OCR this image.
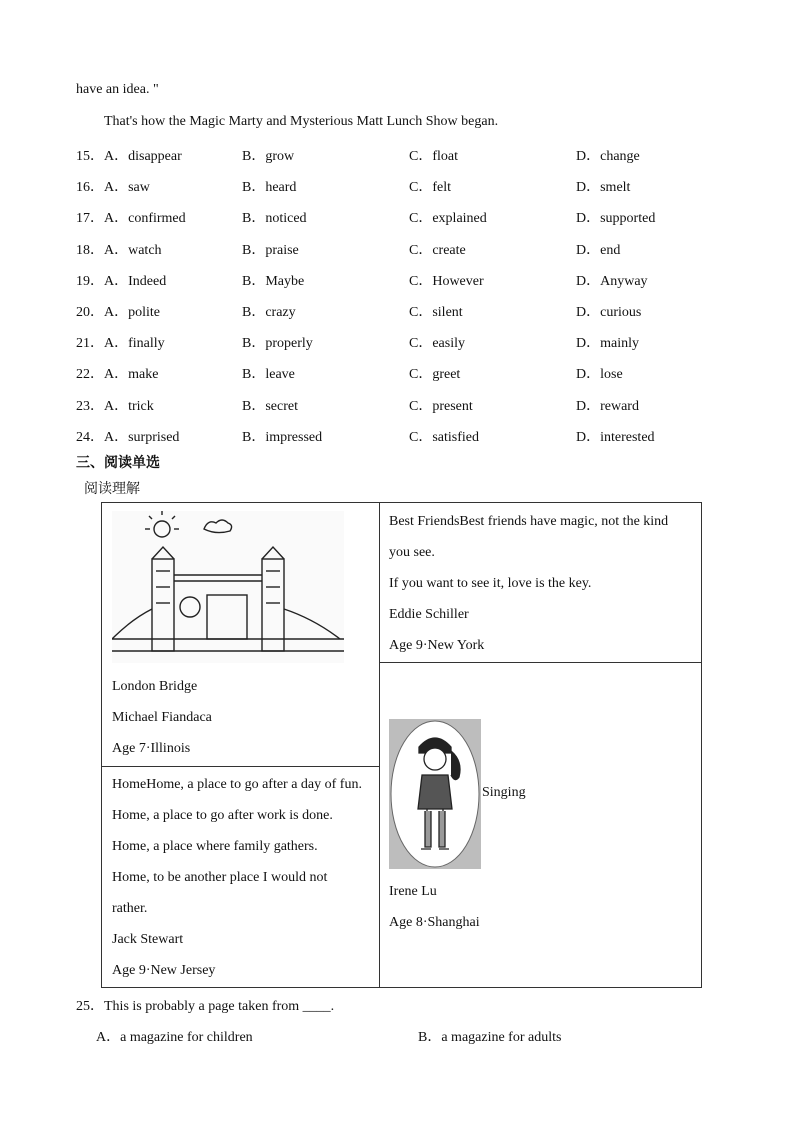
have an idea. "
That's how the Magic Marty and Mysterious Matt Lunch Show began.
15． A．disappear	B．grow	C．float	D．change
16． A．saw	B．heard	C．felt	D．smelt
17． A．confirmed	B．noticed	C．explained	D．supported
18． A．watch	B．praise	C．create	D．end
19． A．Indeed	B．Maybe	C．However	D．Anyway
20． A．polite	B．crazy	C．silent	D．curious
21． A．finally	B．properly	C．easily	D．mainly
22． A．make	B．leave	C．greet	D．lose
23． A．trick	B．secret	C．present	D．reward
24． A．surprised	B．impressed	C．satisfied	D．interested
三、阅读单选
阅读理解
London Bridge
Michael Fiandaca
Age 7·Illinois

Best FriendsBest friends have magic, not the kind
you see.
If you want to see it, love is the key.
Eddie Schiller
Age 9·New York

Singing
Irene Lu
Age 8·Shanghai

HomeHome, a place to go after a day of fun.
Home, a place to go after work is done.
Home, a place where family gathers.
Home, to be another place I would not
rather.
Jack Stewart
Age 9·New Jersey
25．This is probably a page taken from ____.
A．a magazine for children	B．a magazine for adults
